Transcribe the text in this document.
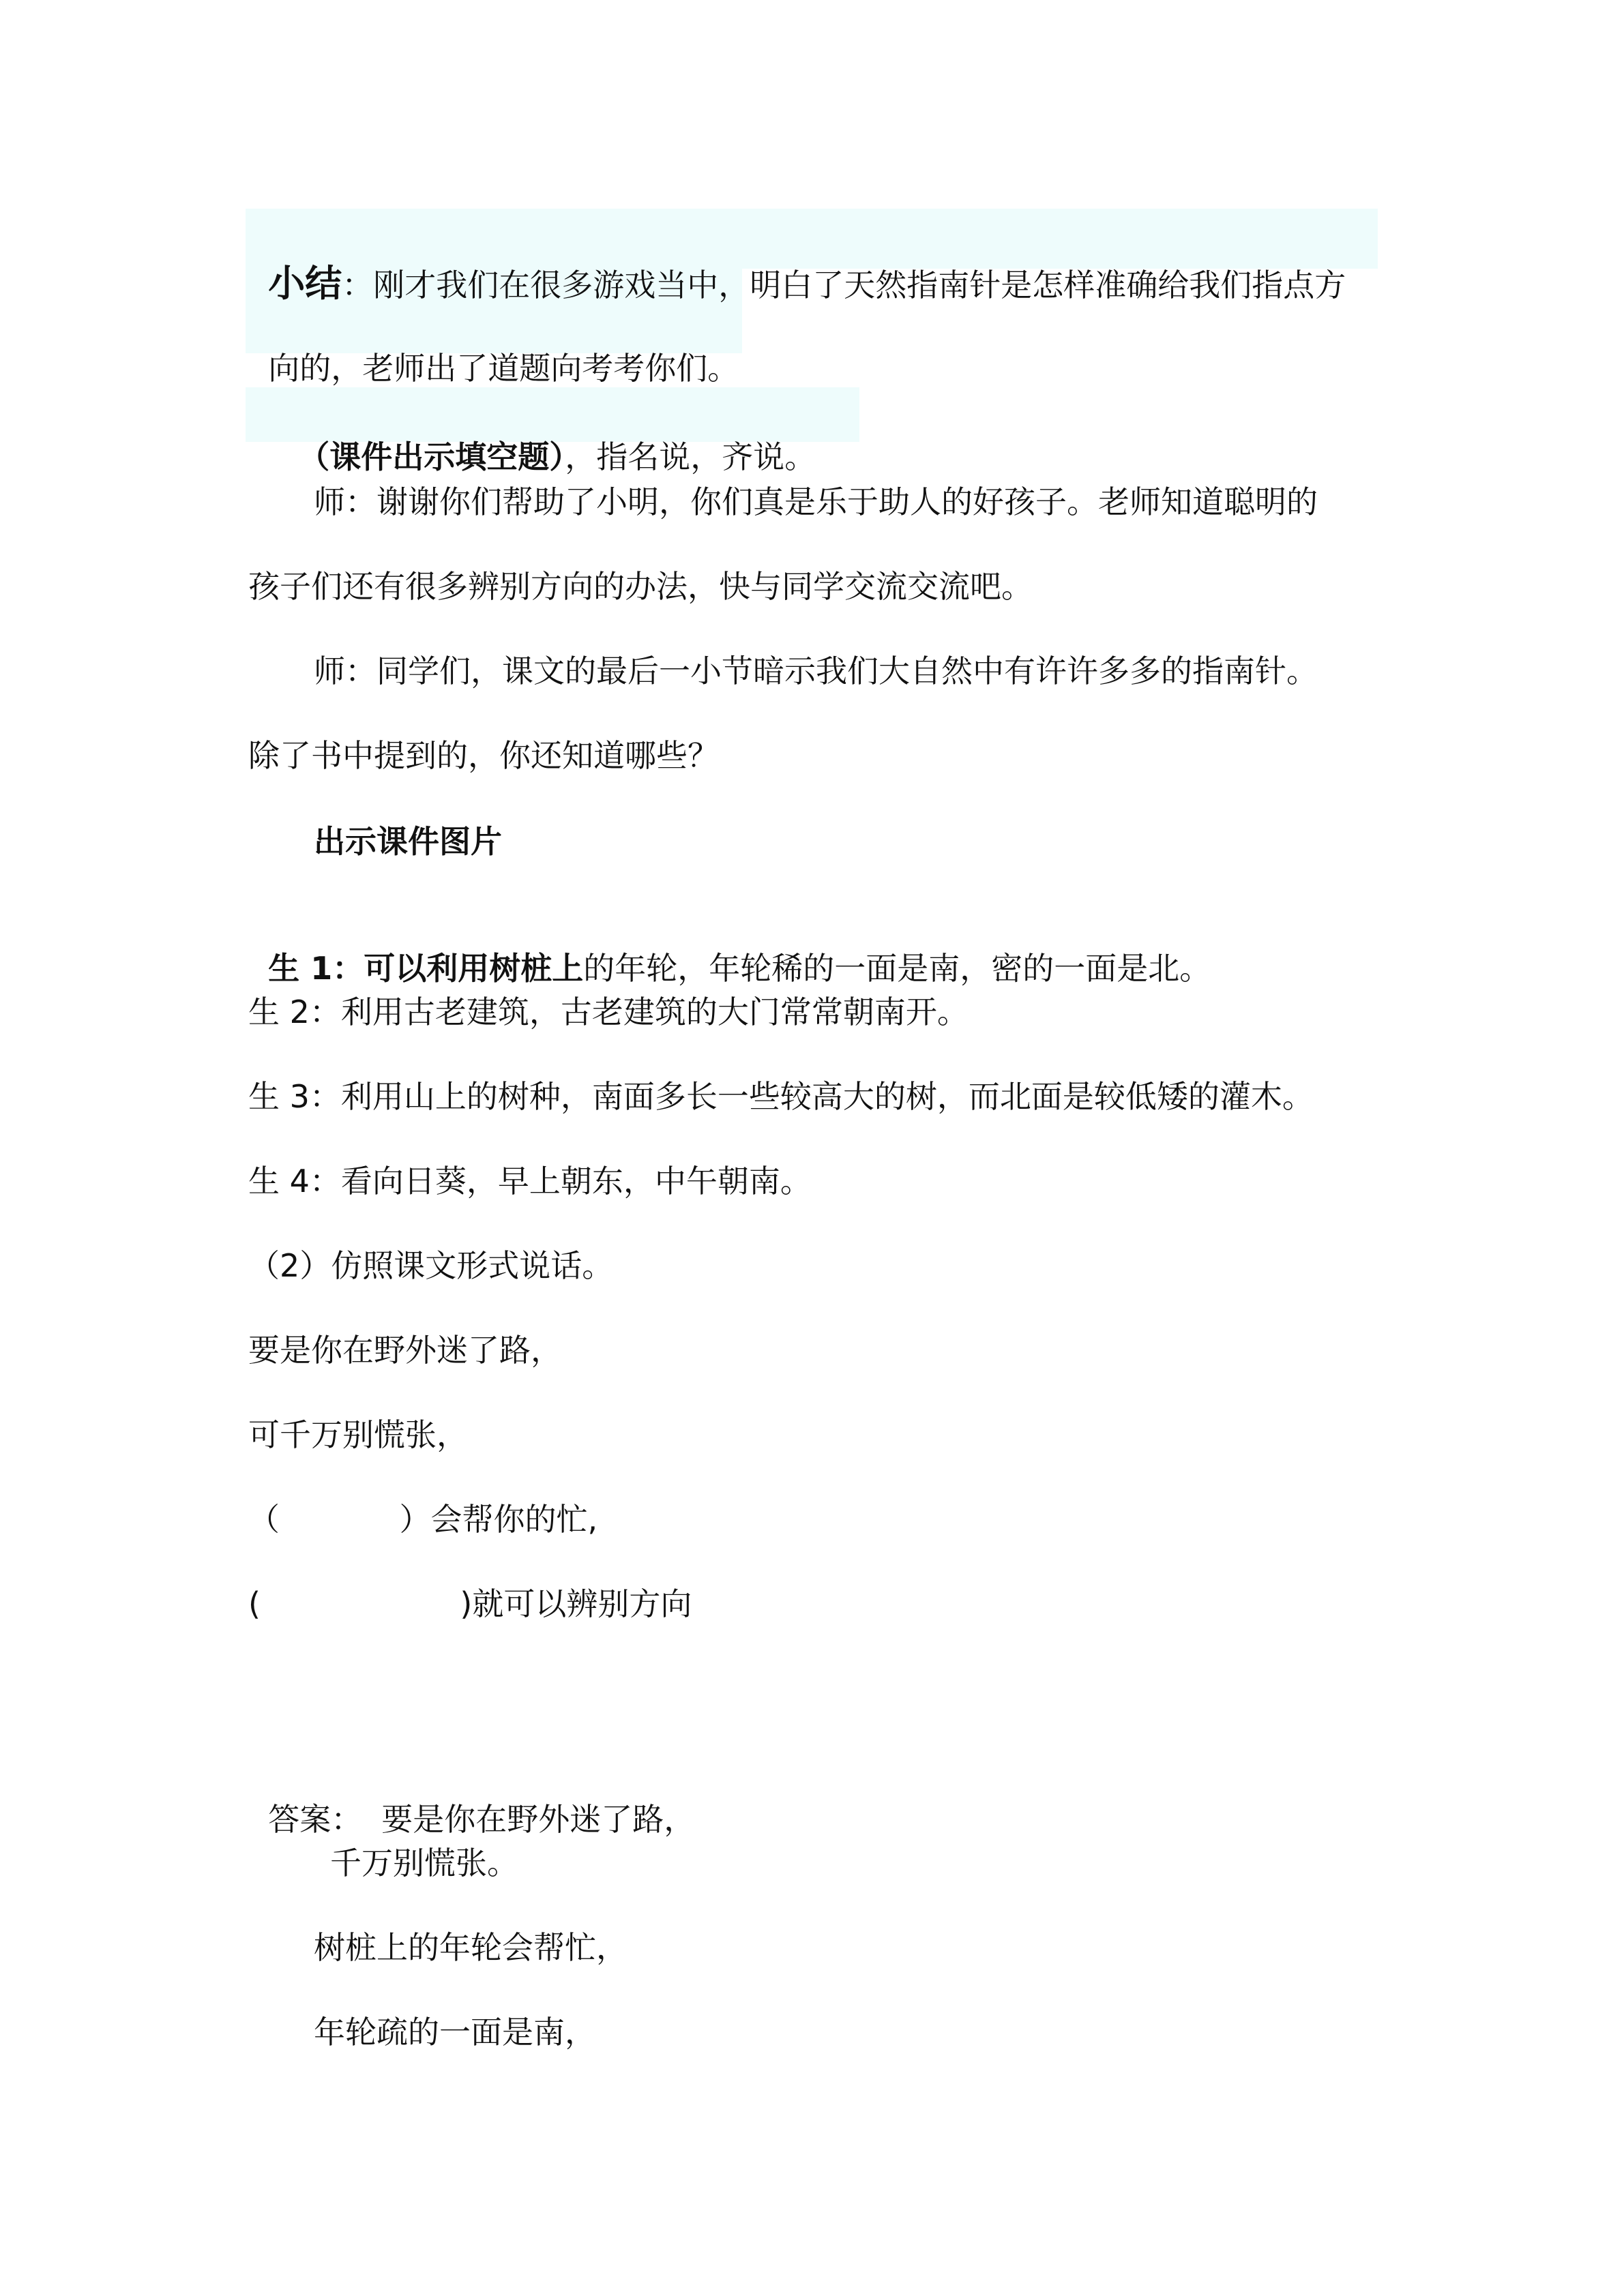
小结：刚才我们在很多游戏当中，明白了天然指南针是怎样准确给我们指点方

向的，老师出了道题向考考你们。

（课件出示填空题），指名说，齐说。

师：谢谢你们帮助了小明，你们真是乐于助人的好孩子。老师知道聪明的
孩子们还有很多辨别方向的办法，快与同学交流交流吧。
师：同学们，课文的最后一小节暗示我们大自然中有许许多多的指南针。
除了书中提到的，你还知道哪些？
出示课件图片

生 1：可以利用树桩上的年轮，年轮稀的一面是南，密的一面是北。

生 2：利用古老建筑，古老建筑的大门常常朝南开。
生 3：利用山上的树种，南面多长一些较高大的树，而北面是较低矮的灌木。
生 4：看向日葵，早上朝东，中午朝南。
（2）仿照课文形式说话。
要是你在野外迷了路，
可千万别慌张，
（            ）会帮你的忙,
(                    )就可以辨别方向

答案： 要是你在野外迷了路，

千万别慌张。
树桩上的年轮会帮忙，
年轮疏的一面是南，
